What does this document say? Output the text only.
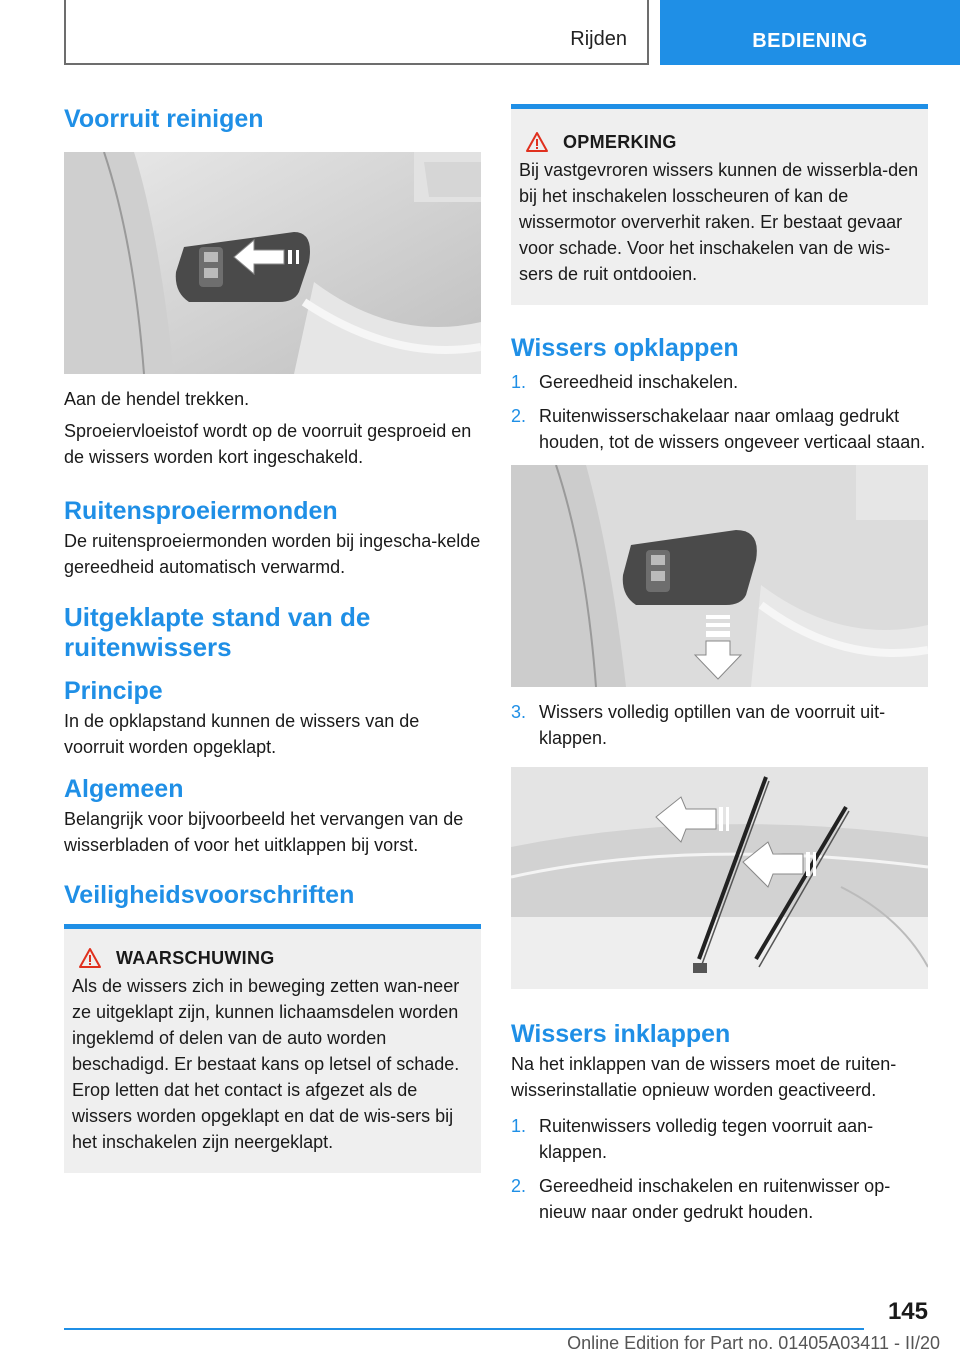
Rijden	BEDIENING
Voorruit reinigen

Aan de hendel trekken.

Sproeiervloeistof wordt op de voorruit gesproeid en de wissers worden kort ingeschakeld.

Ruitensproeiermonden

De ruitensproeiermonden worden bij ingescha-kelde gereedheid automatisch verwarmd.

Uitgeklapte stand van de ruitenwissers
Principe

In de opklapstand kunnen de wissers van de voorruit worden opgeklapt.

Algemeen

Belangrijk voor bijvoorbeeld het vervangen van de wisserbladen of voor het uitklappen bij vorst.

Veiligheidsvoorschriften
WAARSCHUWING

Als de wissers zich in beweging zetten wan-neer ze uitgeklapt zijn, kunnen lichaamsdelen worden ingeklemd of delen van de auto worden beschadigd. Er bestaat kans op letsel of schade. Erop letten dat het contact is afgezet als de wissers worden opgeklapt en dat de wis-sers bij het inschakelen zijn neergeklapt.

OPMERKING

Bij vastgevroren wissers kunnen de wisserbla-den bij het inschakelen losscheuren of kan de wissermotor oververhit raken. Er bestaat gevaar voor schade. Voor het inschakelen van de wis-sers de ruit ontdooien.

Wissers opklappen
1. Gereedheid inschakelen.
2. Ruitenwisserschakelaar naar omlaag gedrukt houden, tot de wissers ongeveer verticaal staan.
3. Wissers volledig optillen van de voorruit uit-klappen.
Wissers inklappen

Na het inklappen van de wissers moet de ruiten-wisserinstallatie opnieuw worden geactiveerd.

1. Ruitenwissers volledig tegen voorruit aan-klappen.
2. Gereedheid inschakelen en ruitenwisser op-nieuw naar onder gedrukt houden.
145
Online Edition for Part no. 01405A03411 - II/20
